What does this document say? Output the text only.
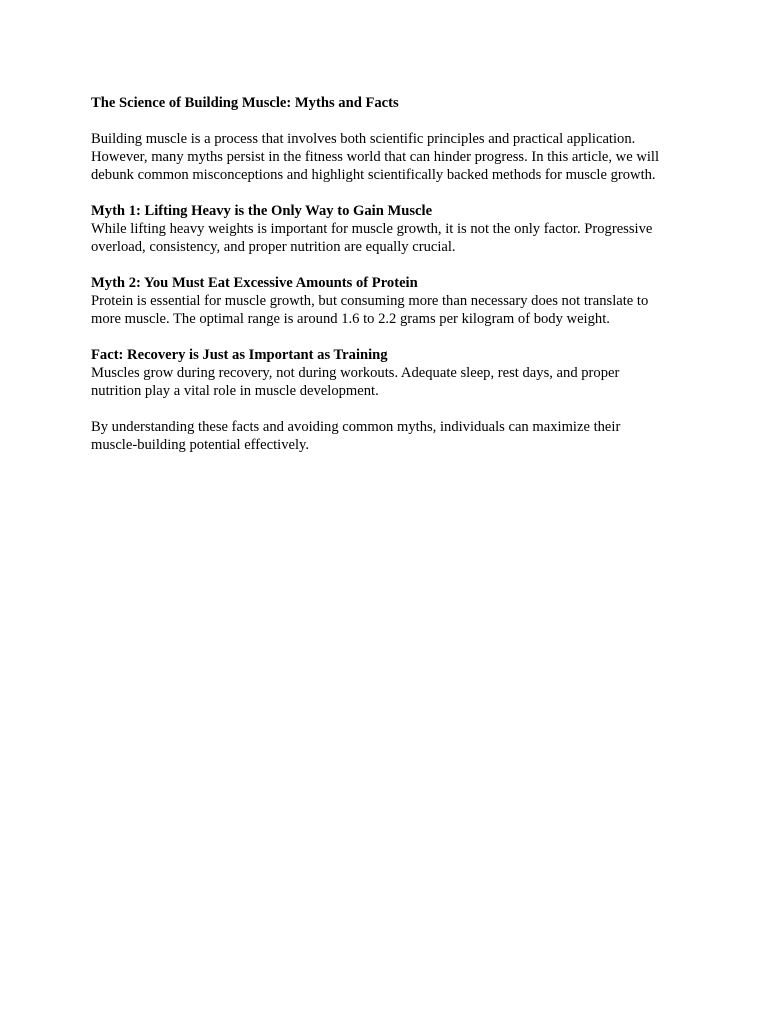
The Science of Building Muscle: Myths and Facts

Building muscle is a process that involves both scientific principles and practical application.
However, many myths persist in the fitness world that can hinder progress. In this article, we will
debunk common misconceptions and highlight scientifically backed methods for muscle growth.

Myth 1: Lifting Heavy is the Only Way to Gain Muscle

While lifting heavy weights is important for muscle growth, it is not the only factor. Progressive
overload, consistency, and proper nutrition are equally crucial.

Myth 2: You Must Eat Excessive Amounts of Protein

Protein is essential for muscle growth, but consuming more than necessary does not translate to
more muscle. The optimal range is around 1.6 to 2.2 grams per kilogram of body weight.

Fact: Recovery is Just as Important as Training

Muscles grow during recovery, not during workouts. Adequate sleep, rest days, and proper
nutrition play a vital role in muscle development.

By understanding these facts and avoiding common myths, individuals can maximize their
muscle-building potential effectively.
